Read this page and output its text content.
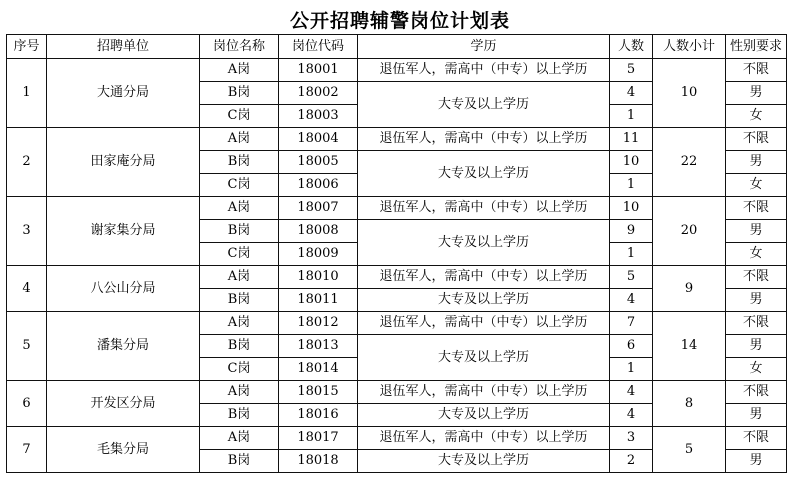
公开招聘辅警岗位计划表
序号	招聘单位	岗位名称	岗位代码	学历	人数	人数小计	性别要求
1	大通分局	A岗	18001	退伍军人，需高中（中专）以上学历	5	10	不限
		B岗	18002	大专及以上学历	4		男
		C岗	18003		1		女
2	田家庵分局	A岗	18004	退伍军人，需高中（中专）以上学历	11	22	不限
		B岗	18005	大专及以上学历	10		男
		C岗	18006		1		女
3	谢家集分局	A岗	18007	退伍军人，需高中（中专）以上学历	10	20	不限
		B岗	18008	大专及以上学历	9		男
		C岗	18009		1		女
4	八公山分局	A岗	18010	退伍军人，需高中（中专）以上学历	5	9	不限
		B岗	18011	大专及以上学历	4		男
5	潘集分局	A岗	18012	退伍军人，需高中（中专）以上学历	7	14	不限
		B岗	18013	大专及以上学历	6		男
		C岗	18014		1		女
6	开发区分局	A岗	18015	退伍军人，需高中（中专）以上学历	4	8	不限
		B岗	18016	大专及以上学历	4		男
7	毛集分局	A岗	18017	退伍军人，需高中（中专）以上学历	3	5	不限
		B岗	18018	大专及以上学历	2		男
